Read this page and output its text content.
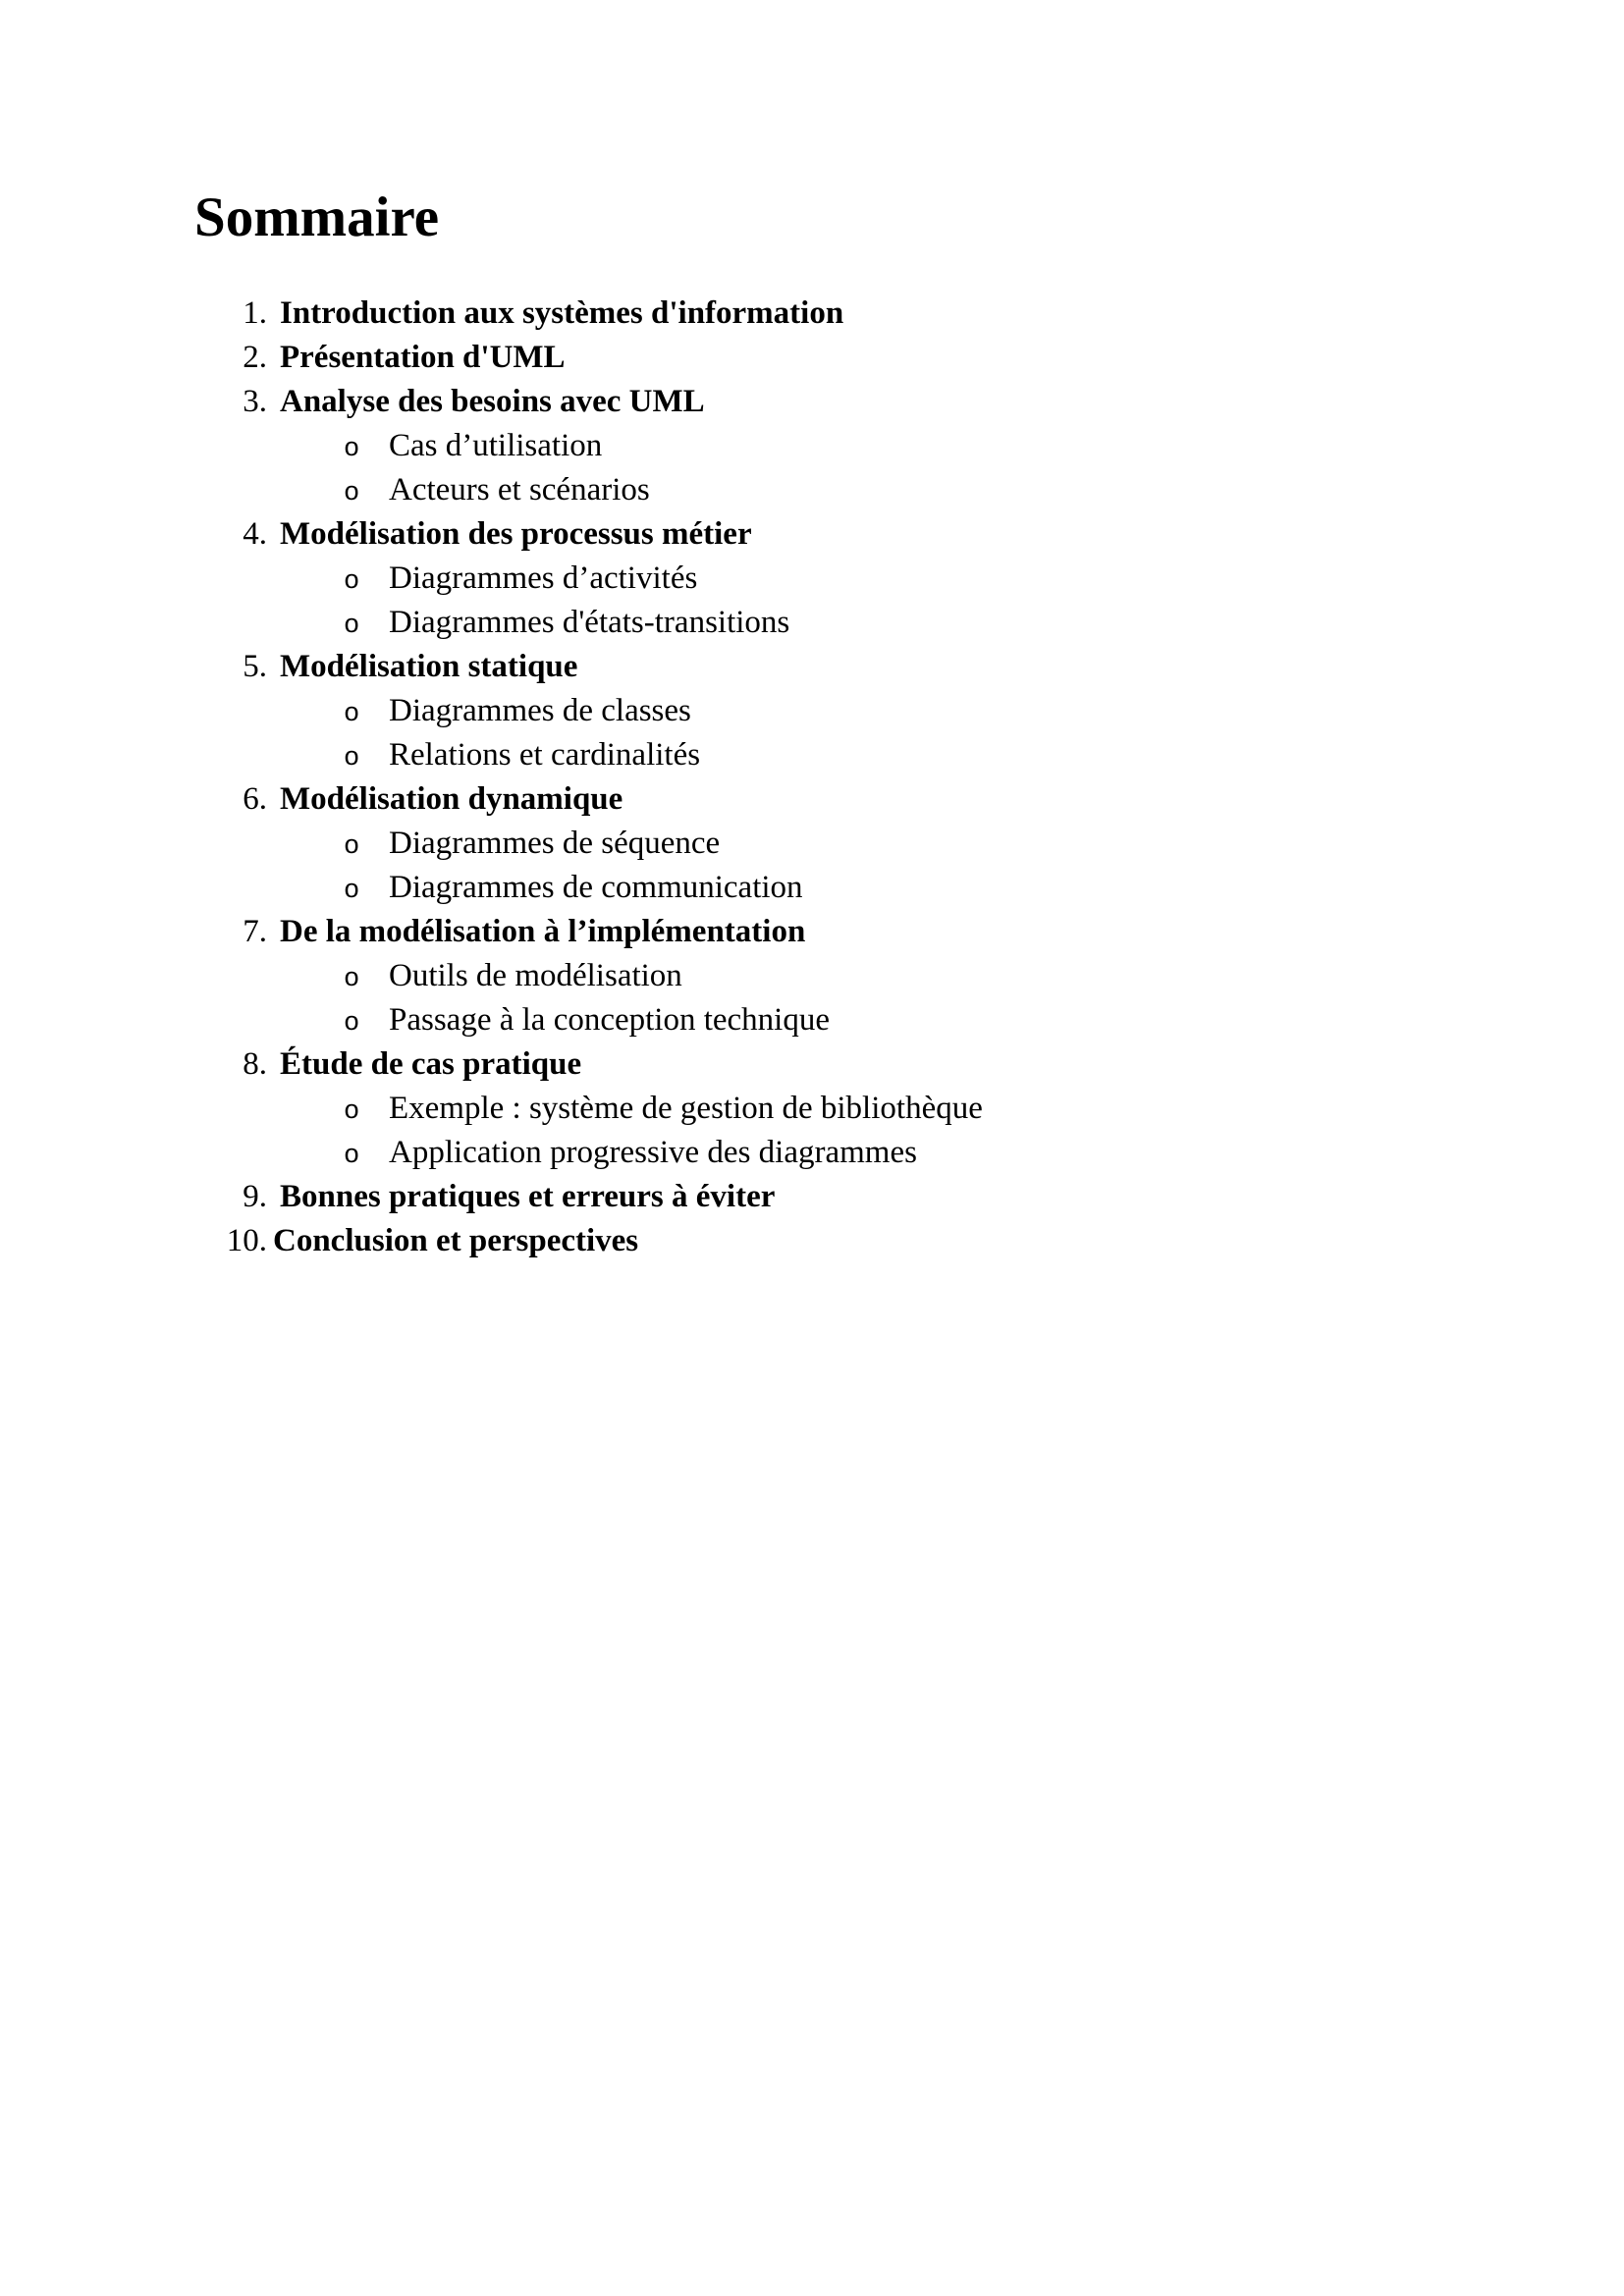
Sommaire
1. Introduction aux systèmes d'information
2. Présentation d'UML
3. Analyse des besoins avec UML
o Cas d’utilisation
o Acteurs et scénarios
4. Modélisation des processus métier
o Diagrammes d’activités
o Diagrammes d'états-transitions
5. Modélisation statique
o Diagrammes de classes
o Relations et cardinalités
6. Modélisation dynamique
o Diagrammes de séquence
o Diagrammes de communication
7. De la modélisation à l’implémentation
o Outils de modélisation
o Passage à la conception technique
8. Étude de cas pratique
o Exemple : système de gestion de bibliothèque
o Application progressive des diagrammes
9. Bonnes pratiques et erreurs à éviter
10. Conclusion et perspectives
